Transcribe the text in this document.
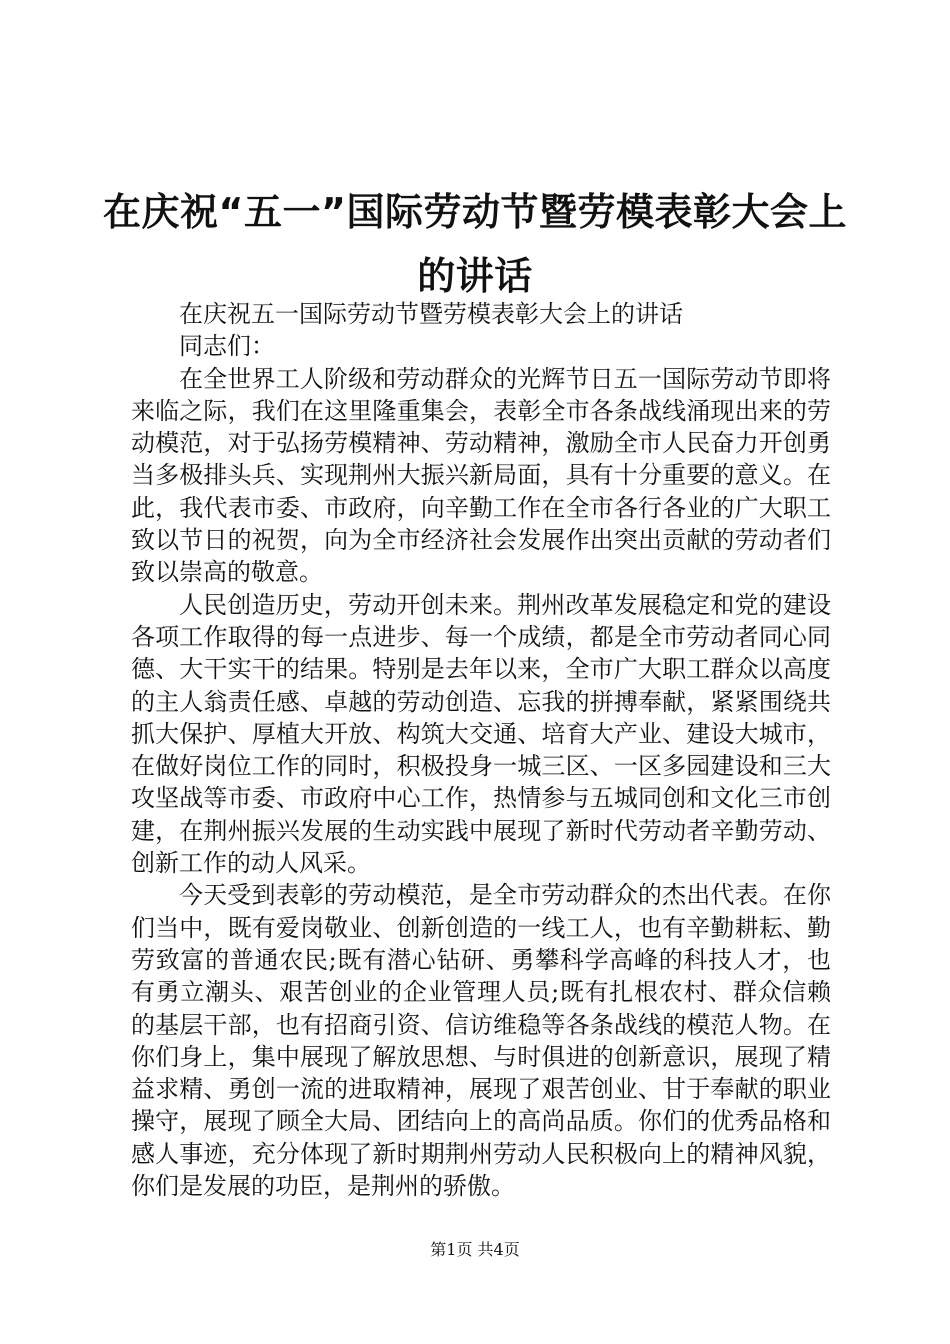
在庆祝“五一”国际劳动节暨劳模表彰大会上的讲话

在庆祝五一国际劳动节暨劳模表彰大会上的讲话

同志们：

在全世界工人阶级和劳动群众的光辉节日五一国际劳动节即将来临之际，我们在这里隆重集会，表彰全市各条战线涌现出来的劳动模范，对于弘扬劳模精神、劳动精神，激励全市人民奋力开创勇当多极排头兵、实现荆州大振兴新局面，具有十分重要的意义。在此，我代表市委、市政府，向辛勤工作在全市各行各业的广大职工致以节日的祝贺，向为全市经济社会发展作出突出贡献的劳动者们致以崇高的敬意。

人民创造历史，劳动开创未来。荆州改革发展稳定和党的建设各项工作取得的每一点进步、每一个成绩，都是全市劳动者同心同德、大干实干的结果。特别是去年以来，全市广大职工群众以高度的主人翁责任感、卓越的劳动创造、忘我的拼搏奉献，紧紧围绕共抓大保护、厚植大开放、构筑大交通、培育大产业、建设大城市，在做好岗位工作的同时，积极投身一城三区、一区多园建设和三大攻坚战等市委、市政府中心工作，热情参与五城同创和文化三市创建，在荆州振兴发展的生动实践中展现了新时代劳动者辛勤劳动、创新工作的动人风采。

今天受到表彰的劳动模范，是全市劳动群众的杰出代表。在你们当中，既有爱岗敬业、创新创造的一线工人，也有辛勤耕耘、勤劳致富的普通农民;既有潜心钻研、勇攀科学高峰的科技人才，也有勇立潮头、艰苦创业的企业管理人员;既有扎根农村、群众信赖的基层干部，也有招商引资、信访维稳等各条战线的模范人物。在你们身上，集中展现了解放思想、与时俱进的创新意识，展现了精益求精、勇创一流的进取精神，展现了艰苦创业、甘于奉献的职业操守，展现了顾全大局、团结向上的高尚品质。你们的优秀品格和感人事迹，充分体现了新时期荆州劳动人民积极向上的精神风貌，你们是发展的功臣，是荆州的骄傲。

第1页 共4页
